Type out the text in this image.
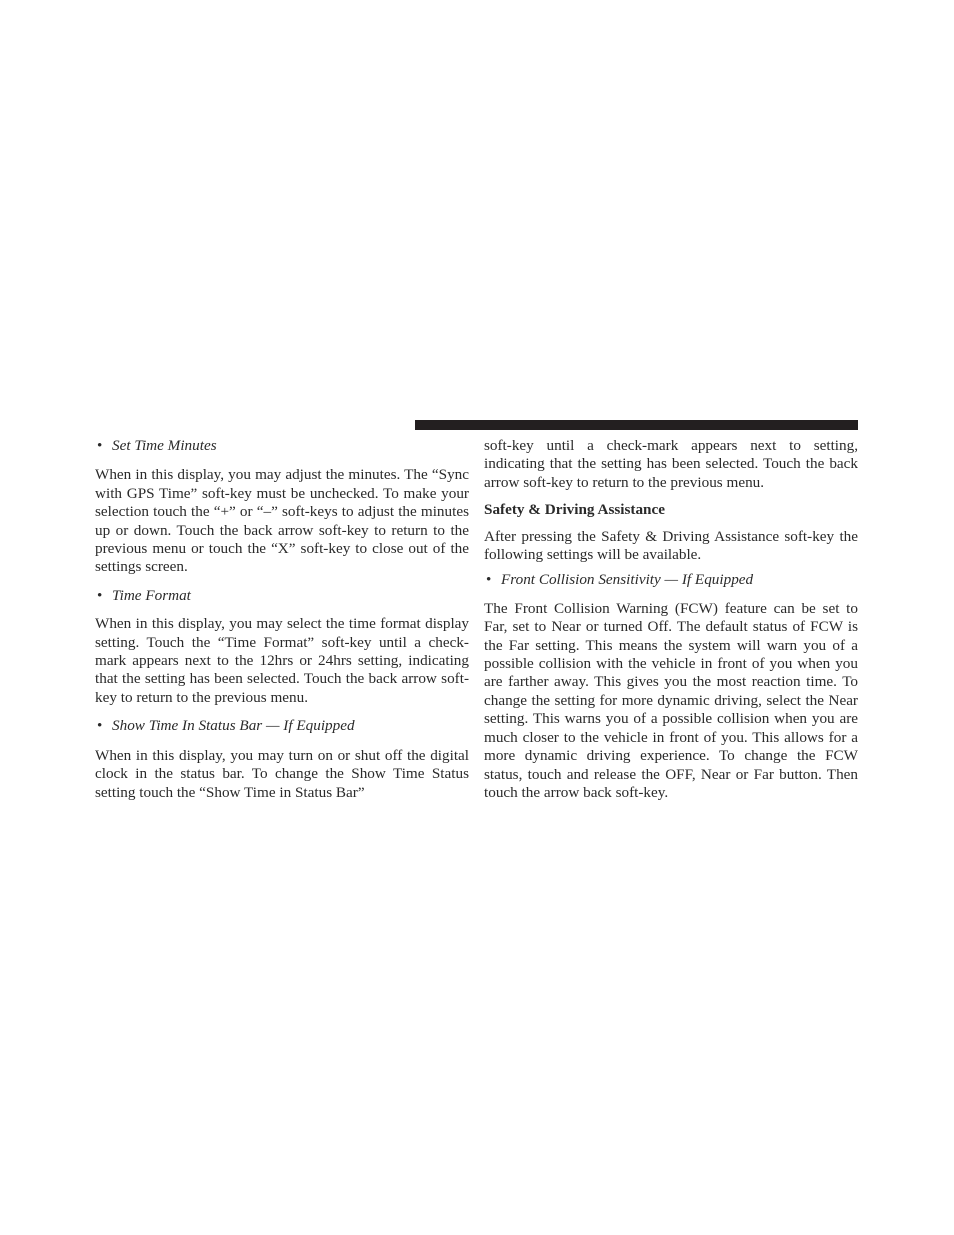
• Set Time Minutes

When in this display, you may adjust the minutes. The “Sync with GPS Time” soft-key must be unchecked. To make your selection touch the “+” or “–” soft-keys to adjust the minutes up or down. Touch the back arrow soft-key to return to the previous menu or touch the “X” soft-key to close out of the settings screen.

• Time Format

When in this display, you may select the time format display setting. Touch the “Time Format” soft-key until a check-mark appears next to the 12hrs or 24hrs setting, indicating that the setting has been selected. Touch the back arrow soft-key to return to the previous menu.

• Show Time In Status Bar — If Equipped

When in this display, you may turn on or shut off the digital clock in the status bar. To change the Show Time Status setting touch the “Show Time in Status Bar”

soft-key until a check-mark appears next to setting, indicating that the setting has been selected. Touch the back arrow soft-key to return to the previous menu.

Safety & Driving Assistance

After pressing the Safety & Driving Assistance soft-key the following settings will be available.

• Front Collision Sensitivity — If Equipped

The Front Collision Warning (FCW) feature can be set to Far, set to Near or turned Off. The default status of FCW is the Far setting. This means the system will warn you of a possible collision with the vehicle in front of you when you are farther away. This gives you the most reaction time. To change the setting for more dynamic driving, select the Near setting. This warns you of a possible collision when you are much closer to the vehicle in front of you. This allows for a more dynamic driving experience. To change the FCW status, touch and release the OFF, Near or Far button. Then touch the arrow back soft-key.
